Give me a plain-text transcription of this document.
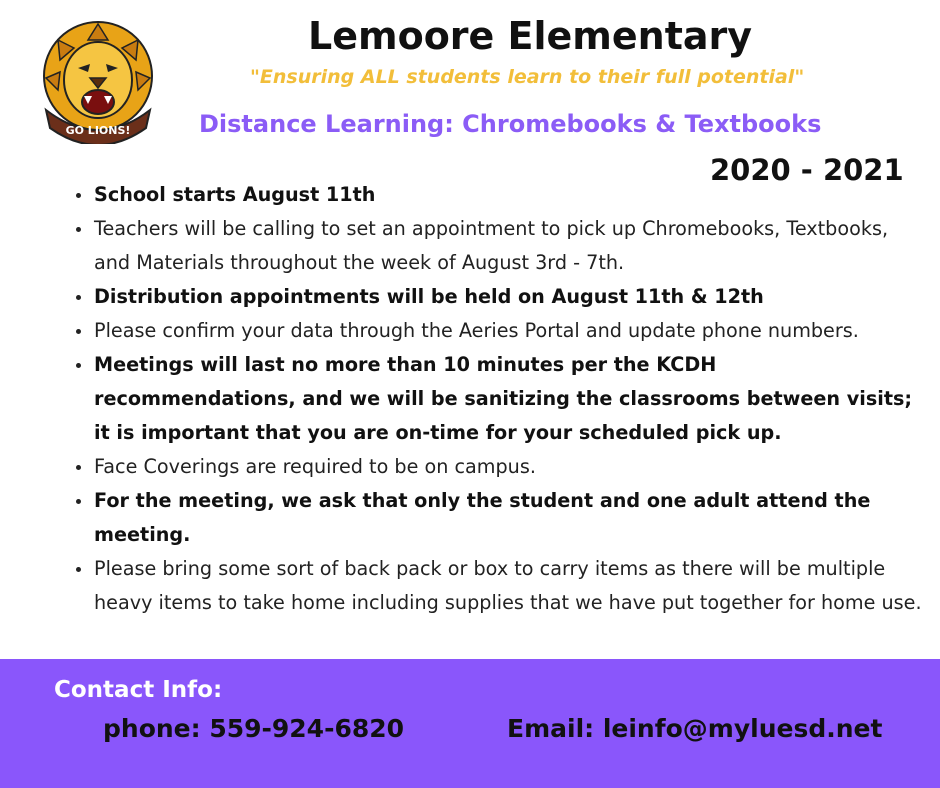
GO LIONS!
Lemoore Elementary
"Ensuring ALL students learn to their full potential"
Distance Learning: Chromebooks & Textbooks
2020 - 2021
School starts August 11th
Teachers will be calling to set an appointment to pick up Chromebooks, Textbooks, and Materials throughout the week of August 3rd - 7th.
Distribution appointments will be held on August 11th & 12th
Please confirm your data through the Aeries Portal and update phone numbers.
Meetings will last no more than 10 minutes per the KCDH recommendations, and we will be sanitizing the classrooms between visits; it is important that you are on-time for your scheduled pick up.
Face Coverings are required to be on campus.
For the meeting, we ask that only the student and one adult attend the meeting.
Please bring some sort of back pack or box to carry items as there will be multiple heavy items to take home including supplies that we have put together for home use.
Contact Info:
phone: 559-924-6820	Email: leinfo@myluesd.net
